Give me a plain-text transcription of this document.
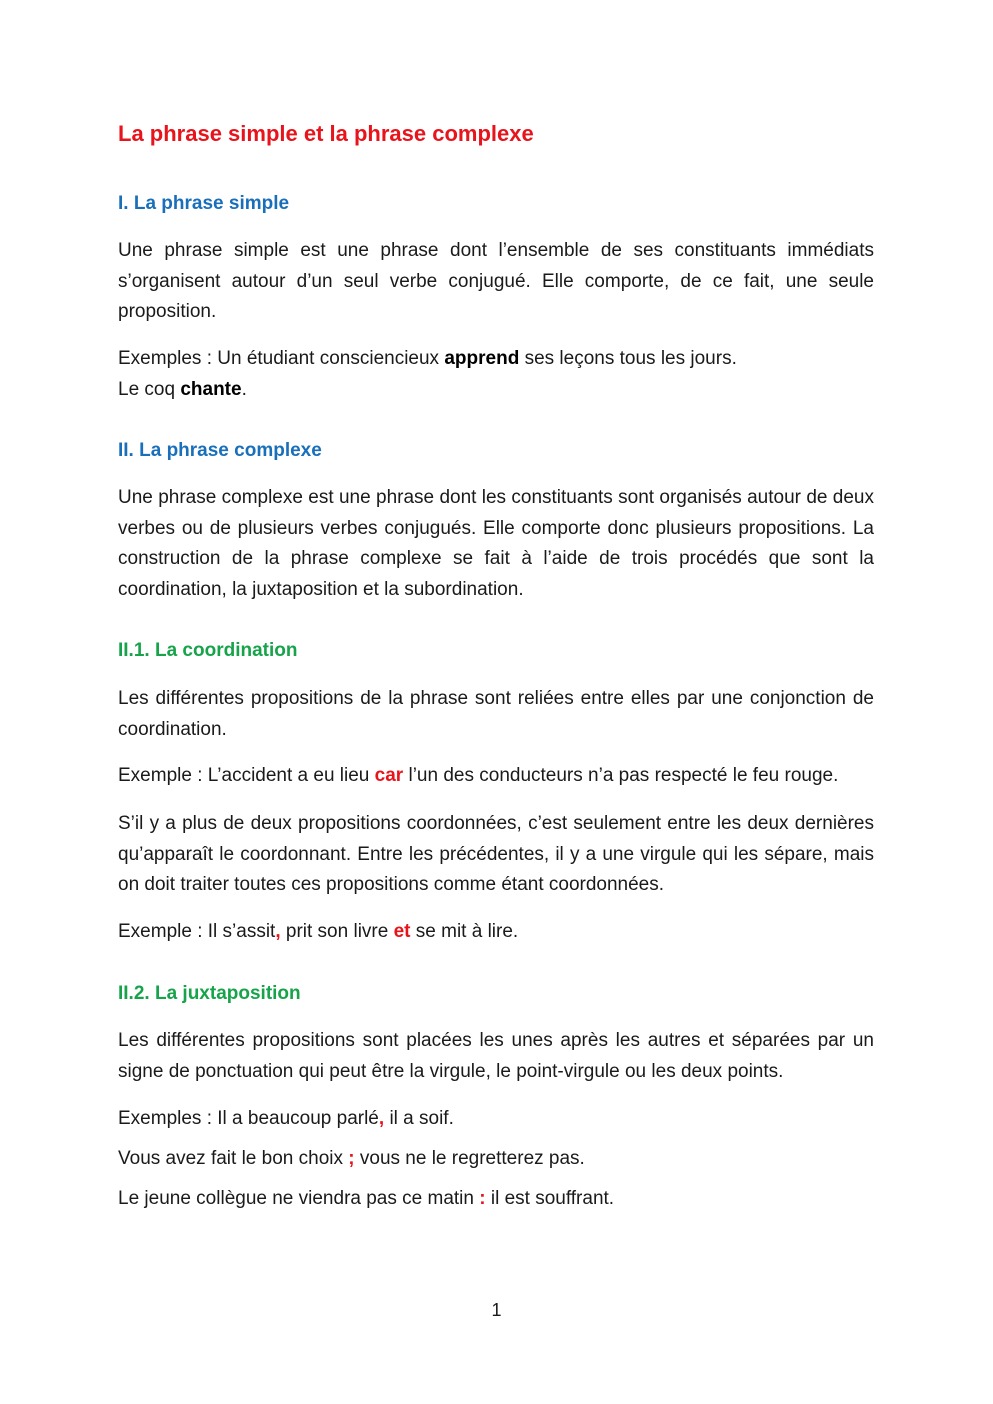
La phrase simple et la phrase complexe
I. La phrase simple

Une phrase simple est une phrase dont l’ensemble de ses constituants immédiats s’organisent autour d’un seul verbe conjugué. Elle comporte, de ce fait, une seule proposition.

Exemples : Un étudiant consciencieux apprend ses leçons tous les jours.
Le coq chante.
II. La phrase complexe

Une phrase complexe est une phrase dont les constituants sont organisés autour de deux verbes ou de plusieurs verbes conjugués. Elle comporte donc plusieurs propositions. La construction de la phrase complexe se fait à l’aide de trois procédés que sont la coordination, la juxtaposition et la subordination.

II.1. La coordination

Les différentes propositions de la phrase sont reliées entre elles par une conjonction de coordination.

Exemple : L’accident a eu lieu car l’un des conducteurs n’a pas respecté le feu rouge.

S’il y a plus de deux propositions coordonnées, c’est seulement entre les deux dernières qu’apparaît le coordonnant. Entre les précédentes, il y a une virgule qui les sépare, mais on doit traiter toutes ces propositions comme étant coordonnées.

Exemple : Il s’assit, prit son livre et se mit à lire.
II.2. La juxtaposition

Les différentes propositions sont placées les unes après les autres et séparées par un signe de ponctuation qui peut être la virgule, le point-virgule ou les deux points.

Exemples : Il a beaucoup parlé, il a soif.
Vous avez fait le bon choix ; vous ne le regretterez pas.
Le jeune collègue ne viendra pas ce matin : il est souffrant.
1
